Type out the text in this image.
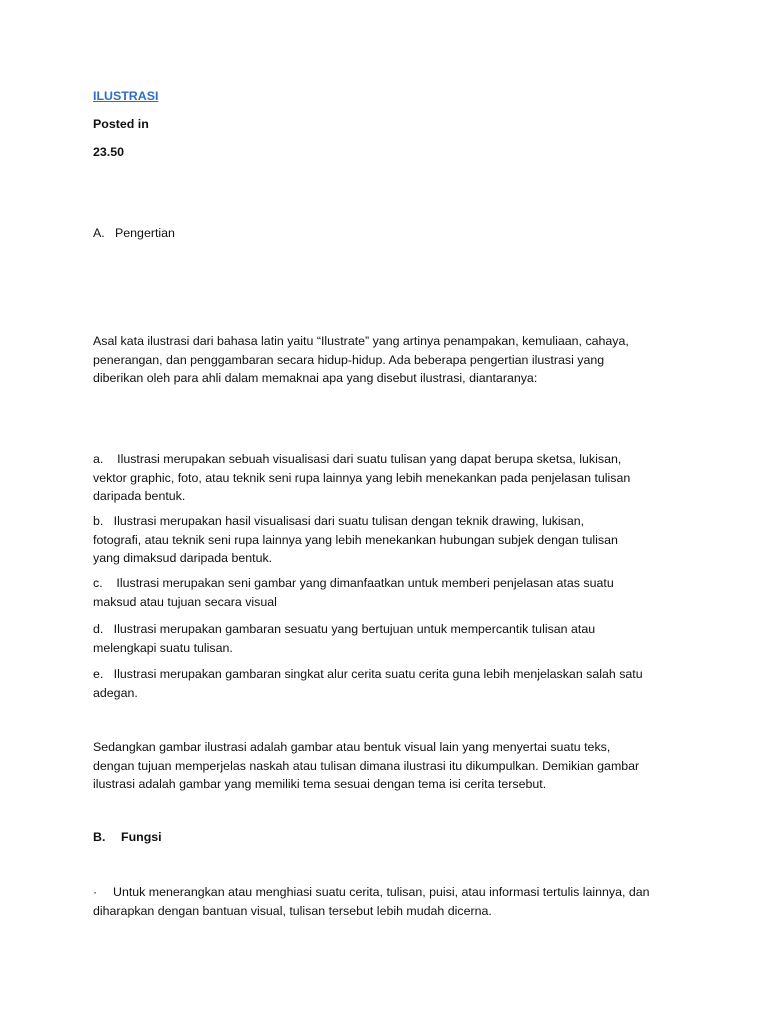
ILUSTRASI
Posted in
23.50
A. Pengertian
Asal kata ilustrasi dari bahasa latin yaitu “Ilustrate” yang artinya penampakan, kemuliaan, cahaya,
penerangan, dan penggambaran secara hidup-hidup. Ada beberapa pengertian ilustrasi yang
diberikan oleh para ahli dalam memaknai apa yang disebut ilustrasi, diantaranya:
a. Ilustrasi merupakan sebuah visualisasi dari suatu tulisan yang dapat berupa sketsa, lukisan,
vektor graphic, foto, atau teknik seni rupa lainnya yang lebih menekankan pada penjelasan tulisan
daripada bentuk.
b. Ilustrasi merupakan hasil visualisasi dari suatu tulisan dengan teknik drawing, lukisan,
fotografi, atau teknik seni rupa lainnya yang lebih menekankan hubungan subjek dengan tulisan
yang dimaksud daripada bentuk.
c. Ilustrasi merupakan seni gambar yang dimanfaatkan untuk memberi penjelasan atas suatu
maksud atau tujuan secara visual
d. Ilustrasi merupakan gambaran sesuatu yang bertujuan untuk mempercantik tulisan atau
melengkapi suatu tulisan.
e. Ilustrasi merupakan gambaran singkat alur cerita suatu cerita guna lebih menjelaskan salah satu
adegan.
Sedangkan gambar ilustrasi adalah gambar atau bentuk visual lain yang menyertai suatu teks,
dengan tujuan memperjelas naskah atau tulisan dimana ilustrasi itu dikumpulkan. Demikian gambar
ilustrasi adalah gambar yang memiliki tema sesuai dengan tema isi cerita tersebut.
B. Fungsi
· Untuk menerangkan atau menghiasi suatu cerita, tulisan, puisi, atau informasi tertulis lainnya, dan
diharapkan dengan bantuan visual, tulisan tersebut lebih mudah dicerna.
